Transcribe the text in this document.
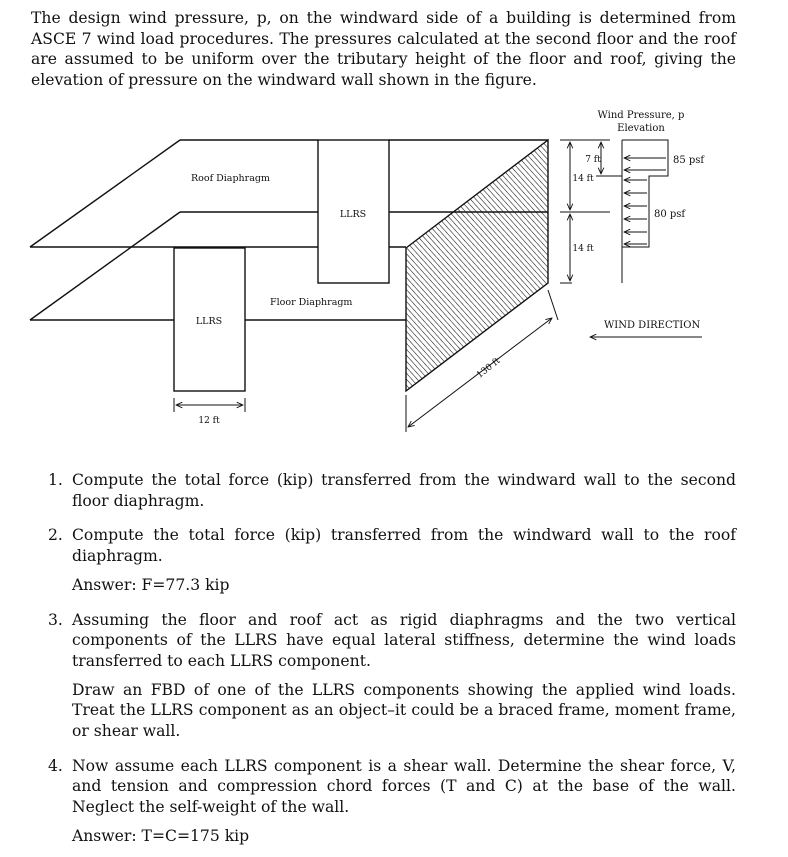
The design wind pressure, p, on the windward side of a building is determined from ASCE 7 wind load procedures. The pressures calculated at the second floor and the roof are assumed to be uniform over the tributary height of the floor and roof, giving the elevation of pressure on the windward wall shown in the figure.

LLRS
LLRS
Roof Diaphragm
Floor Diaphragm
12 ft
130 ft
7 ft
14 ft
14 ft
Wind Pressure, p
Elevation
85 psf
80 psf
WIND DIRECTION
1. Compute the total force (kip) transferred from the windward wall to the second floor diaphragm.

2. Compute the total force (kip) transferred from the windward wall to the roof diaphragm.

Answer: F=77.3 kip

3. Assuming the floor and roof act as rigid diaphragms and the two vertical components of the LLRS have equal lateral stiffness, determine the wind loads transferred to each LLRS component.

Draw an FBD of one of the LLRS components showing the applied wind loads. Treat the LLRS component as an object–it could be a braced frame, moment frame, or shear wall.

4. Now assume each LLRS component is a shear wall. Determine the shear force, V, and tension and compression chord forces (T and C) at the base of the wall. Neglect the self-weight of the wall.

Answer: T=C=175 kip
